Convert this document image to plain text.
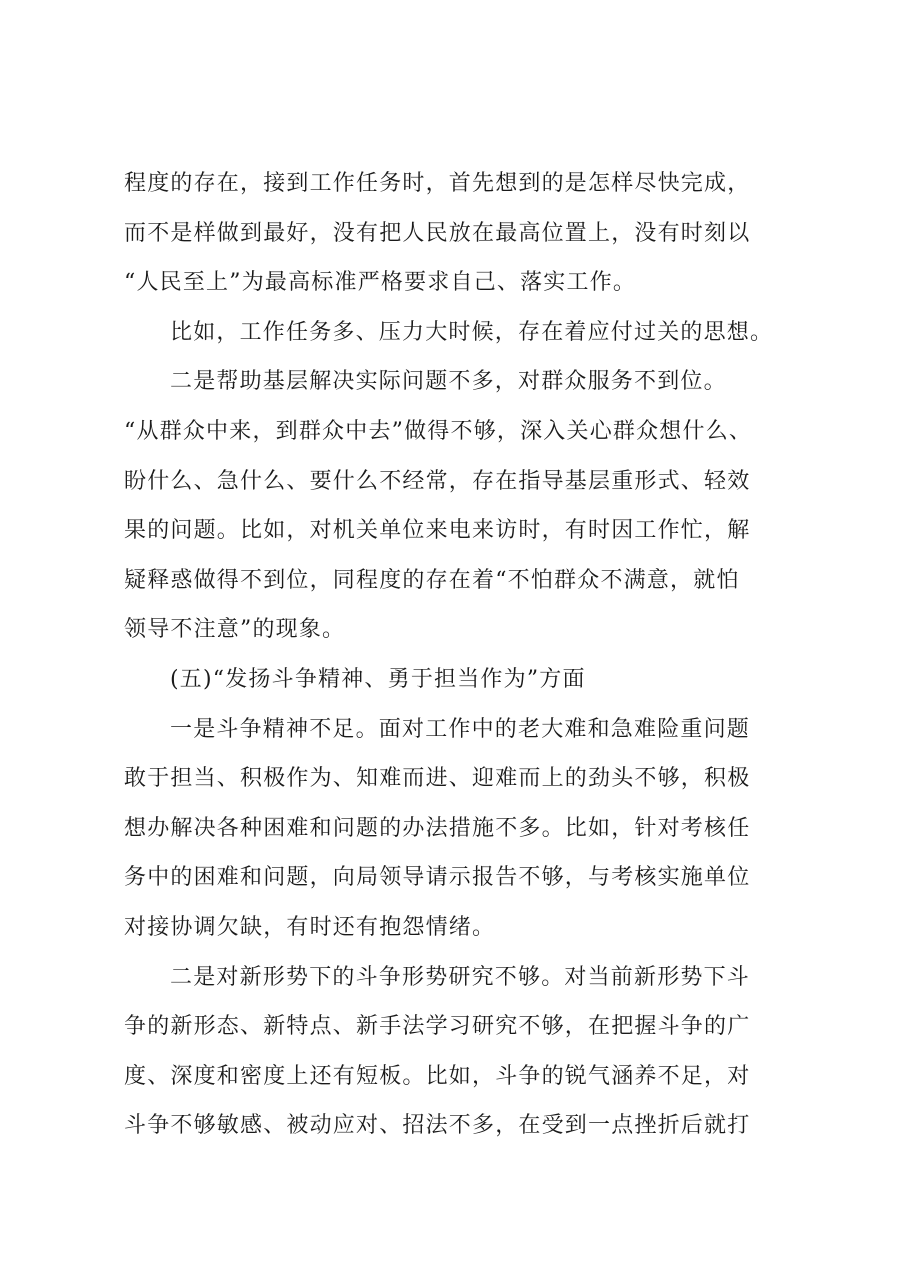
程度的存在，接到工作任务时，首先想到的是怎样尽快完成，
而不是样做到最好，没有把人民放在最高位置上，没有时刻以
“人民至上”为最高标准严格要求自己、落实工作。
比如，工作任务多、压力大时候，存在着应付过关的思想。
二是帮助基层解决实际问题不多，对群众服务不到位。
“从群众中来，到群众中去”做得不够，深入关心群众想什么、
盼什么、急什么、要什么不经常，存在指导基层重形式、轻效
果的问题。比如，对机关单位来电来访时，有时因工作忙，解
疑释惑做得不到位，同程度的存在着“不怕群众不满意，就怕
领导不注意”的现象。
(五)“发扬斗争精神、勇于担当作为”方面
一是斗争精神不足。面对工作中的老大难和急难险重问题
敢于担当、积极作为、知难而进、迎难而上的劲头不够，积极
想办解决各种困难和问题的办法措施不多。比如，针对考核任
务中的困难和问题，向局领导请示报告不够，与考核实施单位
对接协调欠缺，有时还有抱怨情绪。
二是对新形势下的斗争形势研究不够。对当前新形势下斗
争的新形态、新特点、新手法学习研究不够，在把握斗争的广
度、深度和密度上还有短板。比如，斗争的锐气涵养不足，对
斗争不够敏感、被动应对、招法不多，在受到一点挫折后就打
